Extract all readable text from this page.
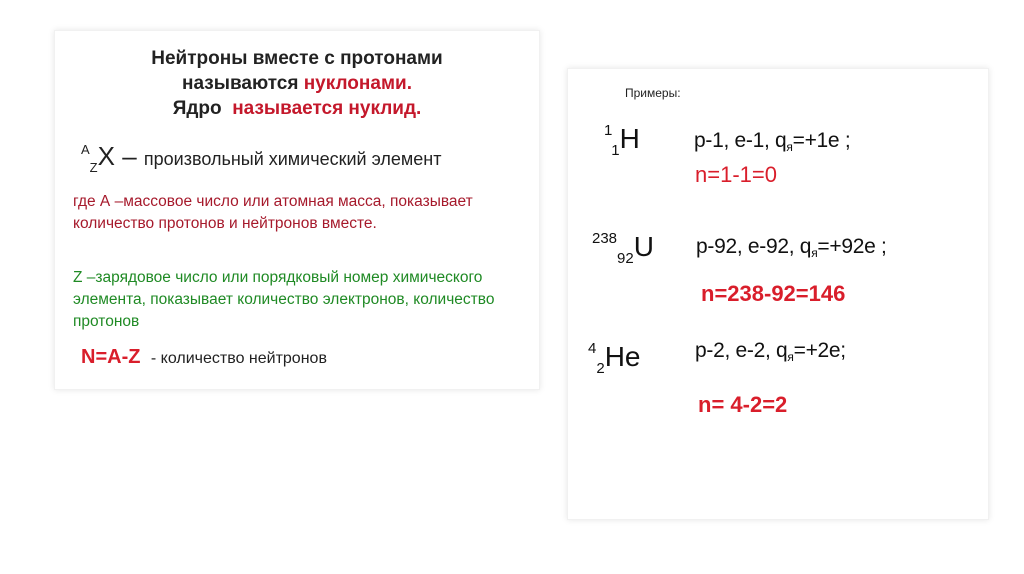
Нейтроны вместе с протонами
называются нуклонами.
Ядро  называется нуклид.
$^A_Z$X – произвольный химический элемент
где А –массовое число или атомная масса, показывает количество протонов и нейтронов вместе.
Z –зарядовое число или порядковый номер химического элемента, показывает количество электронов, количество протонов
N=A-Z - количество нейтронов
Примеры:
$^1_1$H	p-1, e-1, qя=+1e ;
n=1-1=0
$^{238}_{92}$U p-92, e-92, qя=+92e ;
n=238-92=146
$^4_2$He	p-2, e-2, qя=+2e;
n= 4-2=2
